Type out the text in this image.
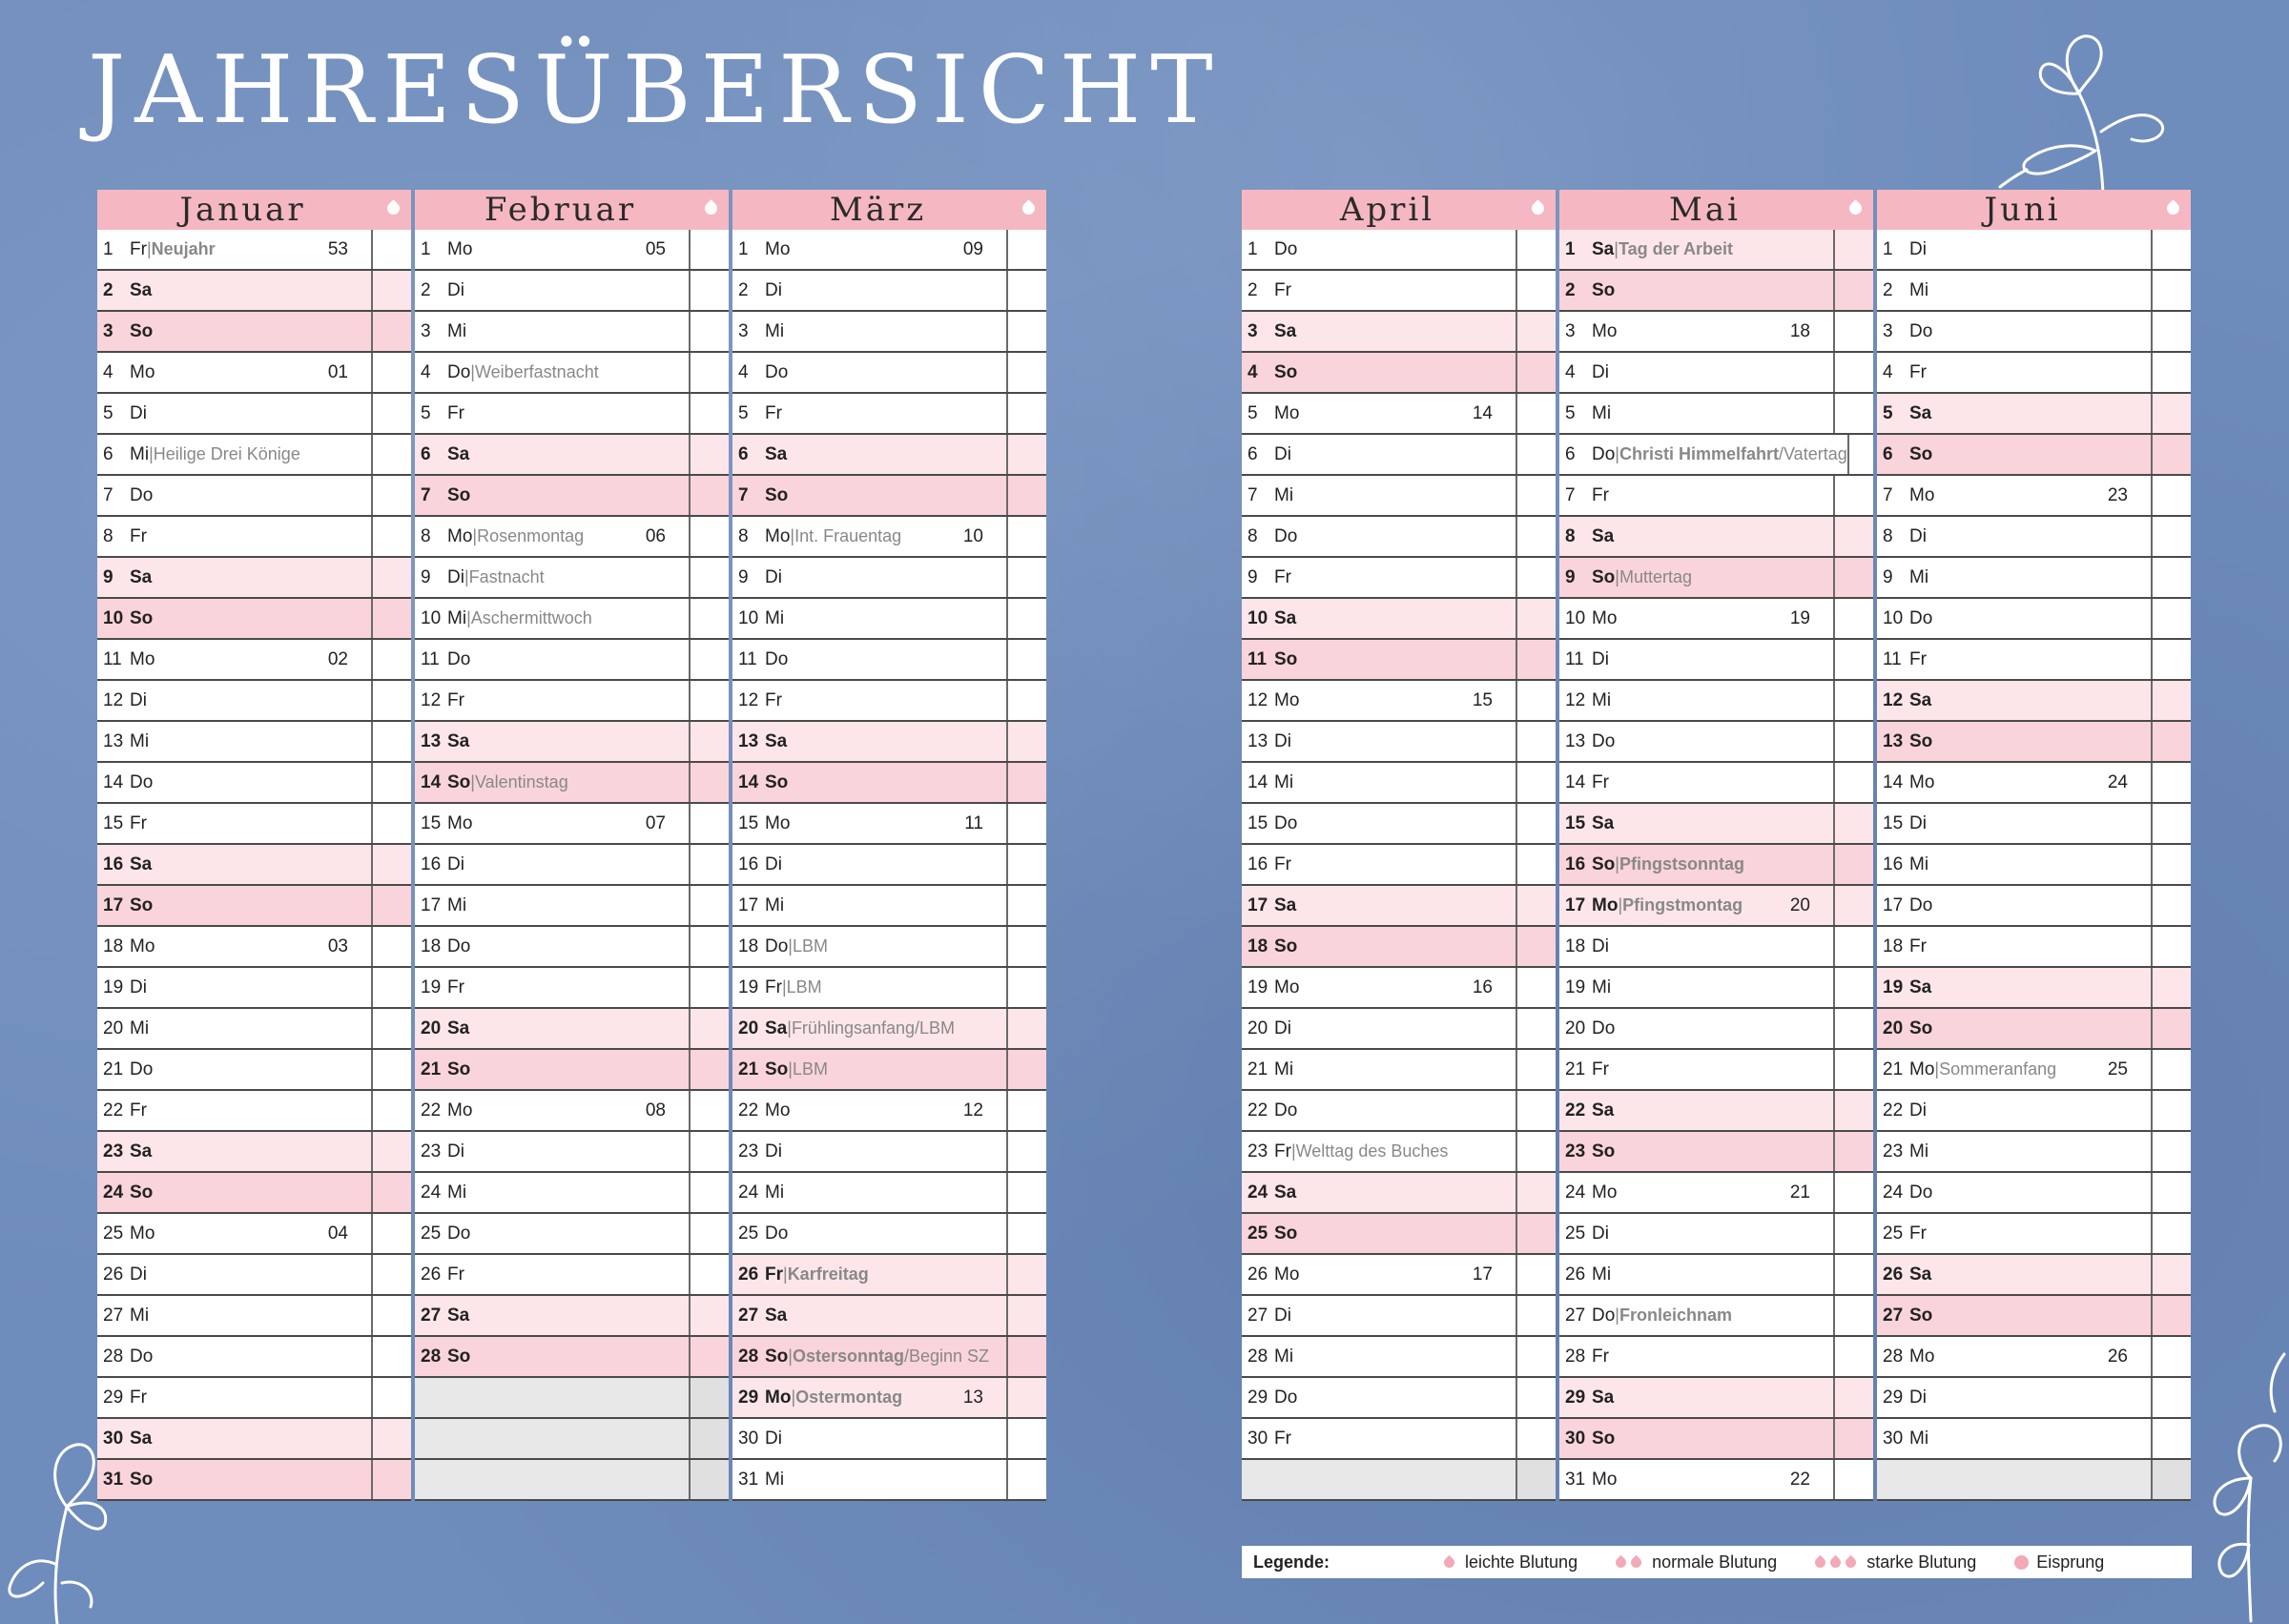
JAHRESÜBERSICHT
Januar
1 Fr | Neujahr	53
2 Sa
3 So
4 Mo	01
5 Di
6 Mi | Heilige Drei Könige
7 Do
8 Fr
9 Sa
10 So
11 Mo	02
12 Di
13 Mi
14 Do
15 Fr
16 Sa
17 So
18 Mo	03
19 Di
20 Mi
21 Do
22 Fr
23 Sa
24 So
25 Mo	04
26 Di
27 Mi
28 Do
29 Fr
30 Sa
31 So
Februar
1 Mo	05
2 Di
3 Mi
4 Do | Weiberfastnacht
5 Fr
6 Sa
7 So
8 Mo | Rosenmontag	06
9 Di | Fastnacht
10 Mi | Aschermittwoch
11 Do
12 Fr
13 Sa
14 So | Valentinstag
15 Mo	07
16 Di
17 Mi
18 Do
19 Fr
20 Sa
21 So
22 Mo	08
23 Di
24 Mi
25 Do
26 Fr
27 Sa
28 So
März
1 Mo	09
2 Di
3 Mi
4 Do
5 Fr
6 Sa
7 So
8 Mo | Int. Frauentag	10
9 Di
10 Mi
11 Do
12 Fr
13 Sa
14 So
15 Mo	11
16 Di
17 Mi
18 Do | LBM
19 Fr | LBM
20 Sa | Frühlingsanfang/LBM
21 So | LBM
22 Mo	12
23 Di
24 Mi
25 Do
26 Fr | Karfreitag
27 Sa
28 So | Ostersonntag /Beginn SZ
29 Mo | Ostermontag	13
30 Di
31 Mi
April
1 Do
2 Fr
3 Sa
4 So
5 Mo	14
6 Di
7 Mi
8 Do
9 Fr
10 Sa
11 So
12 Mo	15
13 Di
14 Mi
15 Do
16 Fr
17 Sa
18 So
19 Mo	16
20 Di
21 Mi
22 Do
23 Fr | Welttag des Buches
24 Sa
25 So
26 Mo	17
27 Di
28 Mi
29 Do
30 Fr
Mai
1 Sa | Tag der Arbeit
2 So
3 Mo	18
4 Di
5 Mi
6 Do | Christi Himmelfahrt /Vatertag
7 Fr
8 Sa
9 So | Muttertag
10 Mo	19
11 Di
12 Mi
13 Do
14 Fr
15 Sa
16 So | Pfingstsonntag
17 Mo | Pfingstmontag	20
18 Di
19 Mi
20 Do
21 Fr
22 Sa
23 So
24 Mo	21
25 Di
26 Mi
27 Do | Fronleichnam
28 Fr
29 Sa
30 So
31 Mo	22
Juni
1 Di
2 Mi
3 Do
4 Fr
5 Sa
6 So
7 Mo	23
8 Di
9 Mi
10 Do
11 Fr
12 Sa
13 So
14 Mo	24
15 Di
16 Mi
17 Do
18 Fr
19 Sa
20 So
21 Mo | Sommeranfang	25
22 Di
23 Mi
24 Do
25 Fr
26 Sa
27 So
28 Mo	26
29 Di
30 Mi
Legende:	leichte Blutung	normale Blutung	starke Blutung	Eisprung
